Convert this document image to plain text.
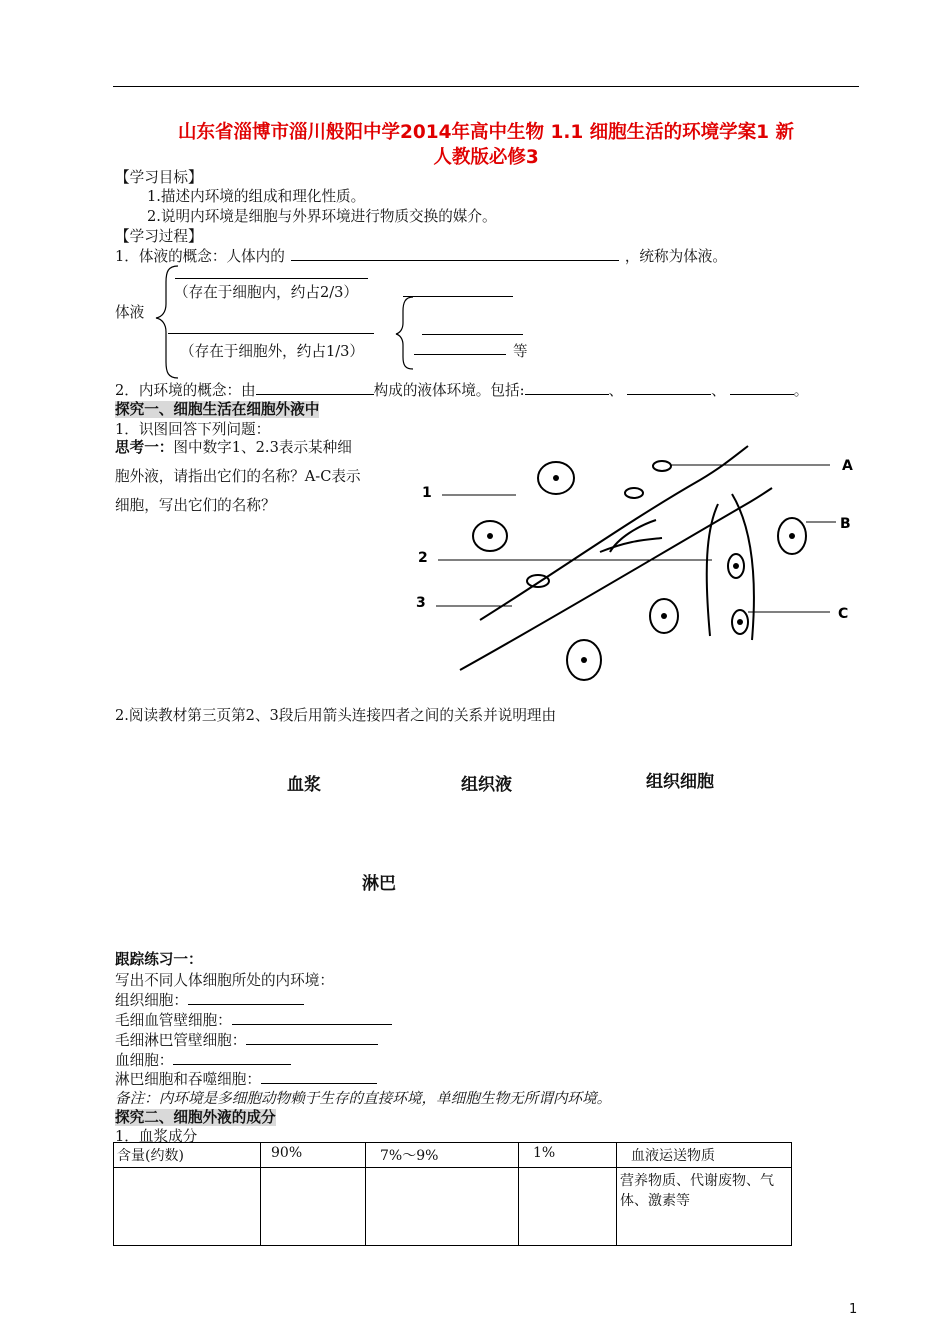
山东省淄博市淄川般阳中学2014年高中生物 1.1 细胞生活的环境学案1 新
人教版必修3
【学习目标】
1.描述内环境的组成和理化性质。
2.说明内环境是细胞与外界环境进行物质交换的媒介。
【学习过程】
1．体液的概念：人体内的	，统称为体液。
体液
（存在于细胞内，约占2/3）
（存在于细胞外，约占1/3）	等
2．内环境的概念：由	构成的液体环境。包括:	、	、	。
探究一、细胞生活在细胞外液中
1．识图回答下列问题：
思考一：图中数字1、2.3表示某种细
胞外液，请指出它们的名称？A-C表示
细胞，写出它们的名称？
1
2
3
A
B
C
2.阅读教材第三页第2、3段后用箭头连接四者之间的关系并说明理由
血浆	组织液	组织细胞
淋巴
跟踪练习一：
写出不同人体细胞所处的内环境：
组织细胞：
毛细血管壁细胞：
毛细淋巴管壁细胞：
血细胞：
淋巴细胞和吞噬细胞：
备注：内环境是多细胞动物赖于生存的直接环境，单细胞生物无所谓内环境。
探究二、细胞外液的成分
1．血浆成分
含量(约数)	90%	7%～9%	1%	血液运送物质
				营养物质、代谢废物、气体、激素等
1
